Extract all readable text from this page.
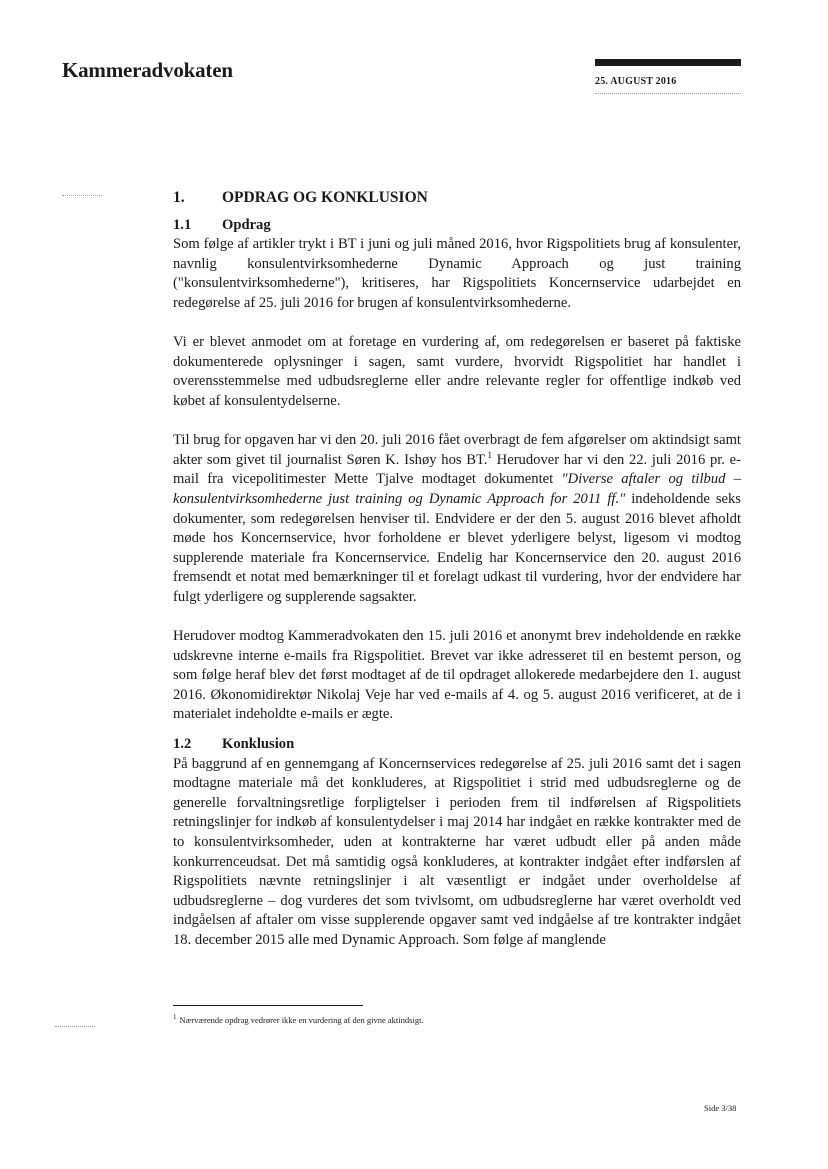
Kammeradvokaten	25. AUGUST 2016
1.	OPDRAG OG KONKLUSION
1.1	Opdrag

Som følge af artikler trykt i BT i juni og juli måned 2016, hvor Rigspolitiets brug af konsulenter, navnlig konsulentvirksomhederne Dynamic Approach og just training ("konsulentvirksomhederne"), kritiseres, har Rigspolitiets Koncernservice udarbejdet en redegørelse af 25. juli 2016 for brugen af konsulentvirksomhederne.

Vi er blevet anmodet om at foretage en vurdering af, om redegørelsen er baseret på faktiske dokumenterede oplysninger i sagen, samt vurdere, hvorvidt Rigspolitiet har handlet i overensstemmelse med udbudsreglerne eller andre relevante regler for offentlige indkøb ved købet af konsulentydelserne.

Til brug for opgaven har vi den 20. juli 2016 fået overbragt de fem afgørelser om aktindsigt samt akter som givet til journalist Søren K. Ishøy hos BT.$^1$ Herudover har vi den 22. juli 2016 pr. e-mail fra vicepolitimester Mette Tjalve modtaget dokumentet "Diverse aftaler og tilbud – konsulentvirksomhederne just training og Dynamic Approach for 2011 ff." indeholdende seks dokumenter, som redegørelsen henviser til. Endvidere er der den 5. august 2016 blevet afholdt møde hos Koncernservice, hvor forholdene er blevet yderligere belyst, ligesom vi modtog supplerende materiale fra Koncernservice. Endelig har Koncernservice den 20. august 2016 fremsendt et notat med bemærkninger til et forelagt udkast til vurdering, hvor der endvidere har fulgt yderligere og supplerende sagsakter.

Herudover modtog Kammeradvokaten den 15. juli 2016 et anonymt brev indeholdende en række udskrevne interne e-mails fra Rigspolitiet. Brevet var ikke adresseret til en bestemt person, og som følge heraf blev det først modtaget af de til opdraget allokerede medarbejdere den 1. august 2016. Økonomidirektør Nikolaj Veje har ved e-mails af 4. og 5. august 2016 verificeret, at de i materialet indeholdte e-mails er ægte.

1.2	Konklusion

På baggrund af en gennemgang af Koncernservices redegørelse af 25. juli 2016 samt det i sagen modtagne materiale må det konkluderes, at Rigspolitiet i strid med udbudsreglerne og de generelle forvaltningsretlige forpligtelser i perioden frem til indførelsen af Rigspolitiets retningslinjer for indkøb af konsulentydelser i maj 2014 har indgået en række kontrakter med de to konsulentvirksomheder, uden at kontrakterne har været udbudt eller på anden måde konkurrenceudsat. Det må samtidig også konkluderes, at kontrakter indgået efter indførslen af Rigspolitiets nævnte retningslinjer i alt væsentligt er indgået under overholdelse af udbudsreglerne – dog vurderes det som tvivlsomt, om udbudsreglerne har været overholdt ved indgåelsen af aftaler om visse supplerende opgaver samt ved indgåelse af tre kontrakter indgået 18. december 2015 alle med Dynamic Approach. Som følge af manglende

$^1$ Nærværende opdrag vedrører ikke en vurdering af den givne aktindsigt.
Side 3/38
